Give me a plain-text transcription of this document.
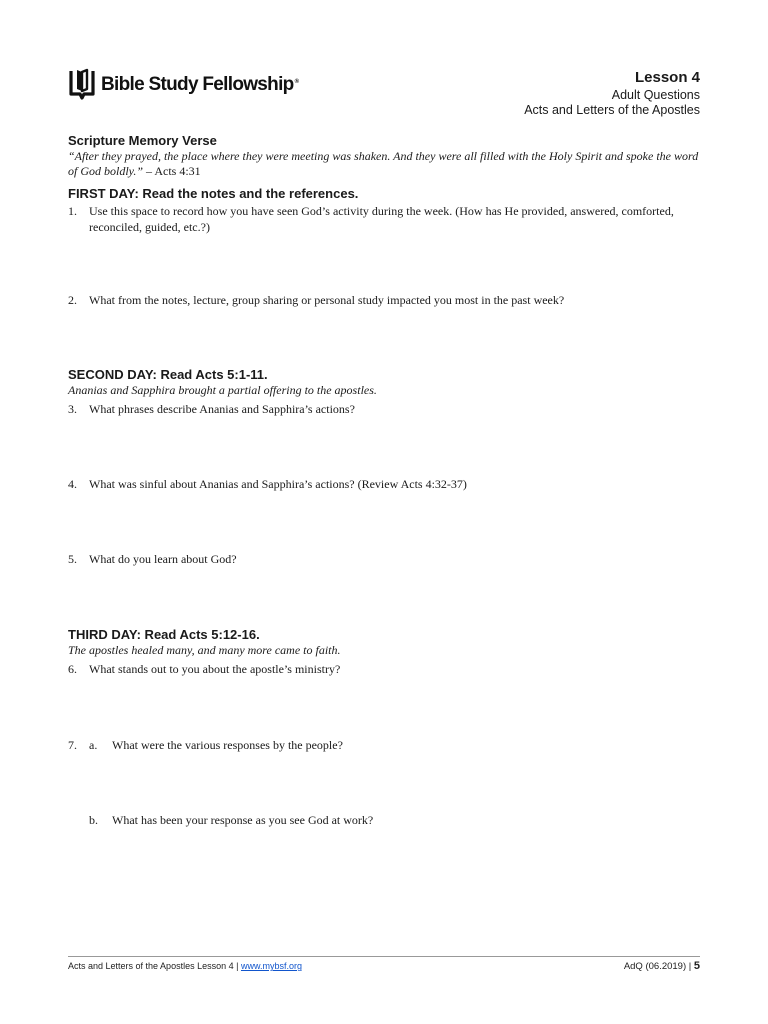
Bible Study Fellowship®	Lesson 4
Adult Questions
Acts and Letters of the Apostles
Scripture Memory Verse
“After they prayed, the place where they were meeting was shaken. And they were all filled with the Holy Spirit and spoke the word of God boldly.” – Acts 4:31
FIRST DAY: Read the notes and the references.
1.	Use this space to record how you have seen God’s activity during the week. (How has He provided, answered, comforted, reconciled, guided, etc.?)
2.	What from the notes, lecture, group sharing or personal study impacted you most in the past week?
SECOND DAY: Read Acts 5:1-11.
Ananias and Sapphira brought a partial offering to the apostles.
3.	What phrases describe Ananias and Sapphira’s actions?
4.	What was sinful about Ananias and Sapphira’s actions? (Review Acts 4:32-37)
5.	What do you learn about God?
THIRD DAY: Read Acts 5:12-16.
The apostles healed many, and many more came to faith.
6.	What stands out to you about the apostle’s ministry?
7.	a.	What were the various responses by the people?
b.	What has been your response as you see God at work?
Acts and Letters of the Apostles Lesson 4 | www.mybsf.org	AdQ (06.2019) | 5
